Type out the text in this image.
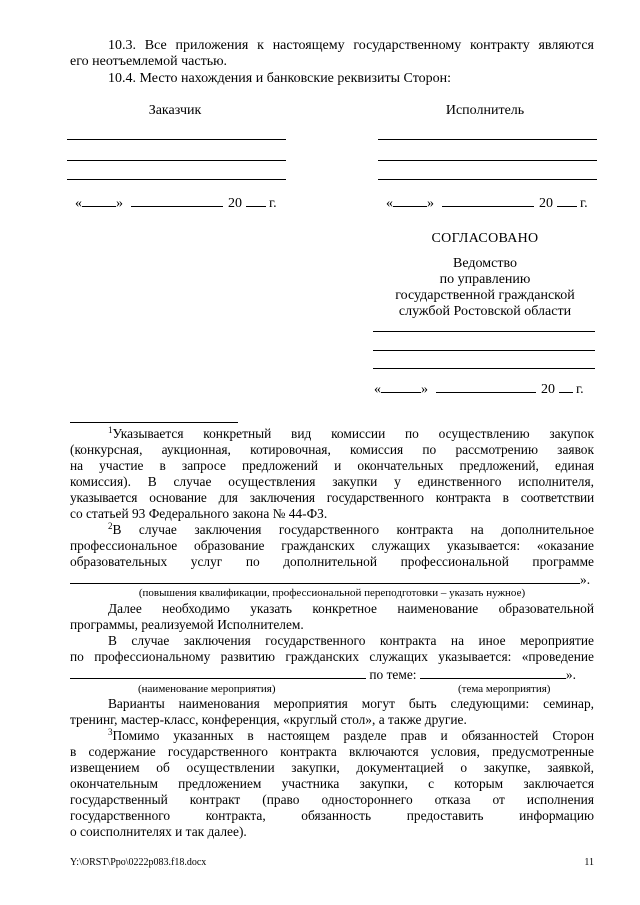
10.3. Все приложения к настоящему государственному контракту являются
его неотъемлемой частью.
10.4. Место нахождения и банковские реквизиты Сторон:
Заказчик	Исполнитель
« »	20 г.	« »	20 г.
СОГЛАСОВАНО
Ведомство
по управлению
государственной гражданской
службой Ростовской области
«	»	20 г.
$^1$Указывается конкретный вид комиссии по осуществлению закупок
(конкурсная, аукционная, котировочная, комиссия по рассмотрению заявок
на участие в запросе предложений и окончательных предложений, единая
комиссия). В случае осуществления закупки у единственного исполнителя,
указывается основание для заключения государственного контракта в соответствии
со статьей 93 Федерального закона № 44-ФЗ.
$^2$В случае заключения государственного контракта на дополнительное
профессиональное образование гражданских служащих указывается: «оказание
образовательных услуг по дополнительной профессиональной программе
».
(повышения квалификации, профессиональной переподготовки – указать нужное)
Далее необходимо указать конкретное наименование образовательной
программы, реализуемой Исполнителем.
В случае заключения государственного контракта на иное мероприятие
по профессиональному развитию гражданских служащих указывается: «проведение
по теме:	».
(наименование мероприятия)	(тема мероприятия)
Варианты наименования мероприятия могут быть следующими: семинар,
тренинг, мастер-класс, конференция, «круглый стол», а также другие.
$^3$Помимо указанных в настоящем разделе прав и обязанностей Сторон
в содержание государственного контракта включаются условия, предусмотренные
извещением об осуществлении закупки, документацией о закупке, заявкой,
окончательным предложением участника закупки, с которым заключается
государственный контракт (право одностороннего отказа от исполнения
государственного контракта, обязанность предоставить информацию
о соисполнителях и так далее).
Y:\ORST\Ppo\0222p083.f18.docx	11
